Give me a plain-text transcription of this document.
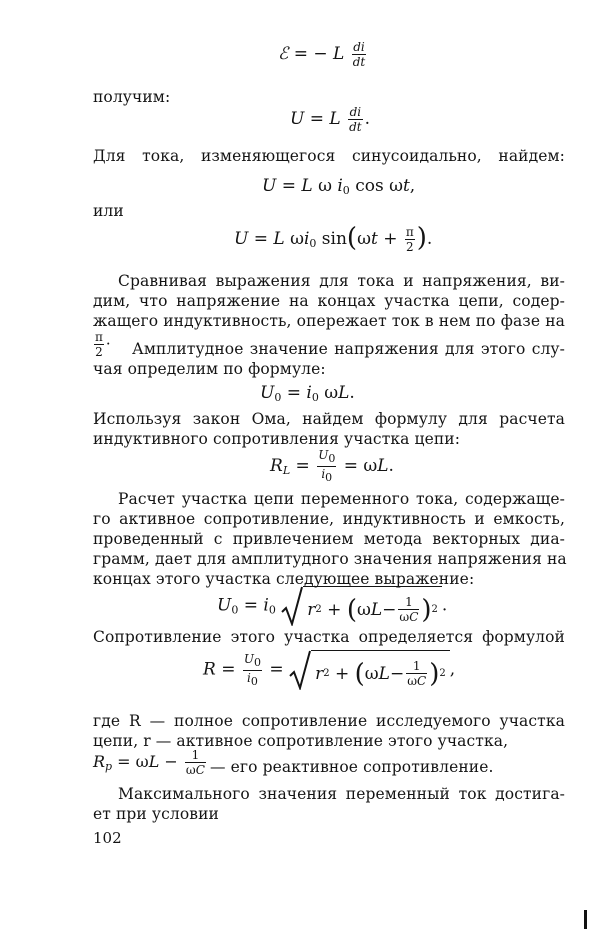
ℰ = − L $\frac{di}{dt}$
получим:
U = L $\frac{di}{dt}$ .
Для тока, изменяющегося синусоидально, найдем:
U = L ω $i_0$ cos ωt,
или
U = L $\omega i_0$ $\sin(\omega t + \frac{\pi}{2}$ ).
Сравнивая выражения для тока и напряжения, ви-
дим, что напряжение на концах участка цепи, содер-
жащего индуктивность, опережает ток в нем по фазе на
$\frac{\pi}{2}$ · Амплитудное значение напряжения для этого слу-
чая определим по формуле:
$U_0 = i_0$ ωL.
Используя закон Ома, найдем формулу для расчета
индуктивного сопротивления участка цепи:
$R_L = \frac{U0}{i0} = \omega L$.
Расчет участка цепи переменного тока, содержаще-
го активное сопротивление, индуктивность и емкость,
проведенный с привлечением метода векторных диа-
грамм, дает для амплитудного значения напряжения на
концах этого участка следующее выражение:
$U_0 = i_0$ r 2 + ( ω $L - \frac{1}{\omega C}$ ) 2 .
Сопротивление этого участка определяется формулой
$R = \frac{U0}{i0} = r$ 2 + ( ω $L - \frac{1}{\omega C}$ ) 2 ,
где R — полное сопротивление исследуемого участка
цепи, r — активное сопротивление этого участка,
$R_p = \omega L - \frac{1}{\omega C}$ — его реактивное сопротивление.
Максимального значения переменный ток достига-
ет при условии
102
